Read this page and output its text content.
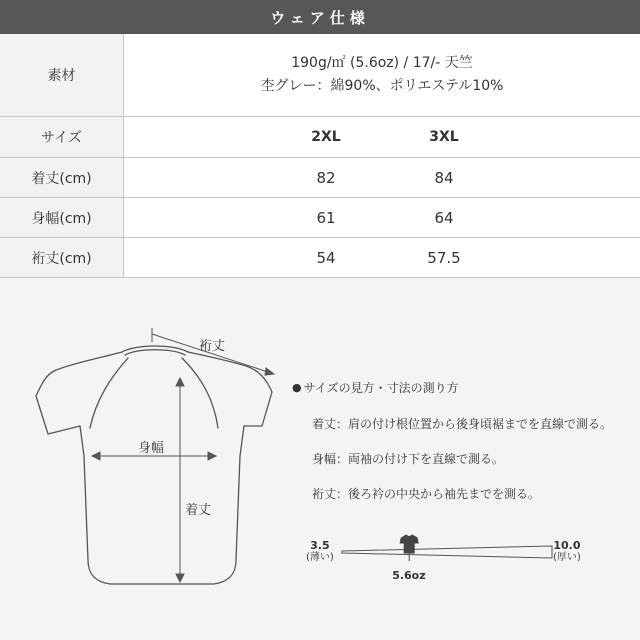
ウェア仕様
素材
190g/㎡ (5.6oz) / 17/- 天竺
杢グレー：綿90%、ポリエステル10%
サイズ	2XL	3XL
着丈(cm)	82	84
身幅(cm)	61	64
裄丈(cm)	54	57.5
裄丈
身幅
着丈
● サイズの見方・寸法の測り方
着丈：肩の付け根位置から後身頃裾までを直線で測る。
身幅：両袖の付け下を直線で測る。
裄丈：後ろ衿の中央から袖先までを測る。
3.5
(薄い)
10.0
(厚い)
5.6oz
